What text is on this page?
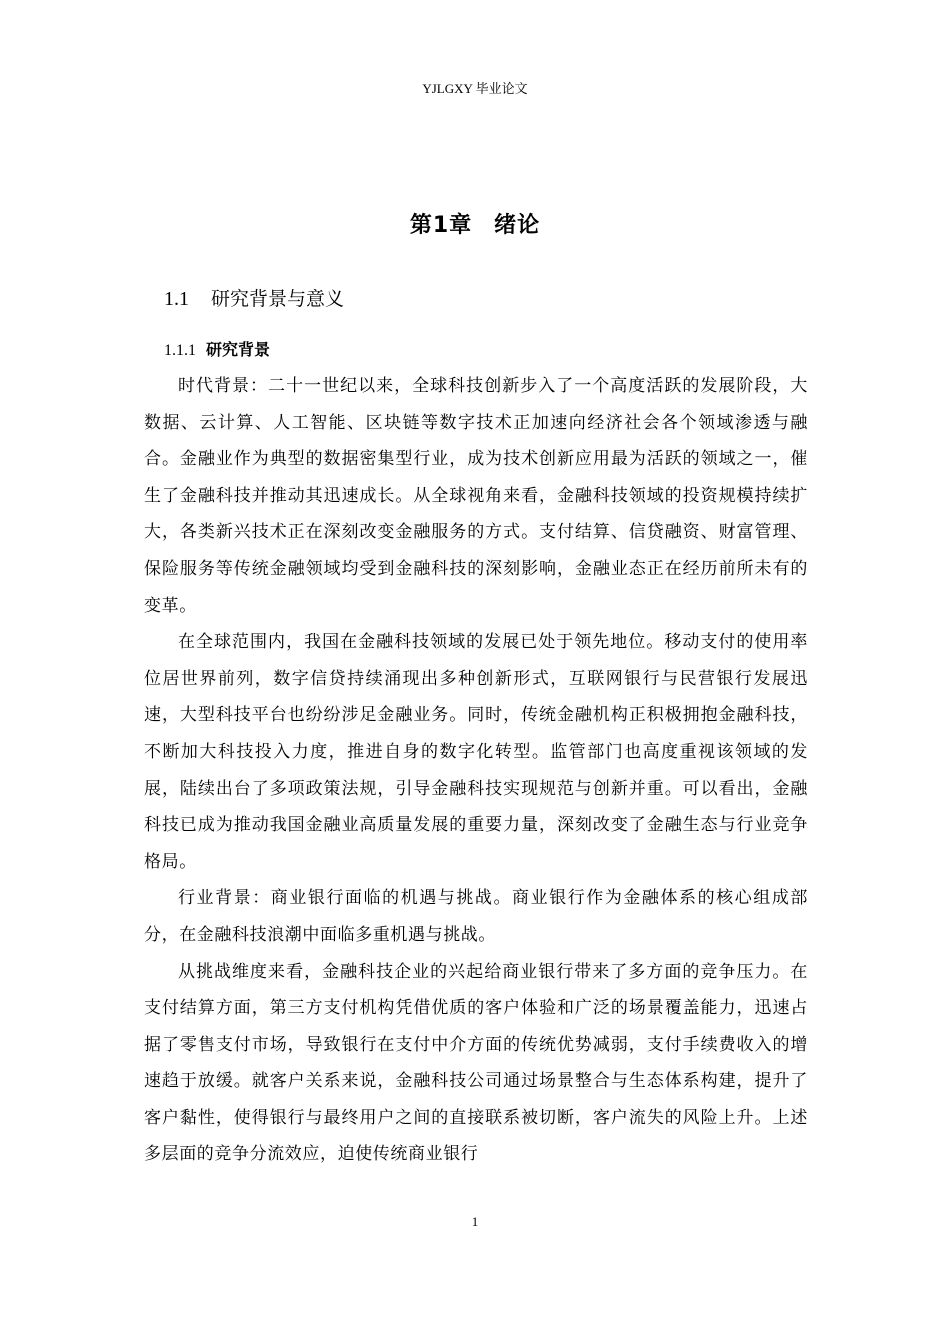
YJLGXY 毕业论文
第1章 绪论
1.1 研究背景与意义
1.1.1 研究背景

时代背景：二十一世纪以来，全球科技创新步入了一个高度活跃的发展阶段，大数据、云计算、人工智能、区块链等数字技术正加速向经济社会各个领域渗透与融合。金融业作为典型的数据密集型行业，成为技术创新应用最为活跃的领域之一，催生了金融科技并推动其迅速成长。从全球视角来看，金融科技领域的投资规模持续扩大，各类新兴技术正在深刻改变金融服务的方式。支付结算、信贷融资、财富管理、保险服务等传统金融领域均受到金融科技的深刻影响，金融业态正在经历前所未有的变革。

在全球范围内，我国在金融科技领域的发展已处于领先地位。移动支付的使用率位居世界前列，数字信贷持续涌现出多种创新形式，互联网银行与民营银行发展迅速，大型科技平台也纷纷涉足金融业务。同时，传统金融机构正积极拥抱金融科技，不断加大科技投入力度，推进自身的数字化转型。监管部门也高度重视该领域的发展，陆续出台了多项政策法规，引导金融科技实现规范与创新并重。可以看出，金融科技已成为推动我国金融业高质量发展的重要力量，深刻改变了金融生态与行业竞争格局。

行业背景：商业银行面临的机遇与挑战。商业银行作为金融体系的核心组成部分，在金融科技浪潮中面临多重机遇与挑战。

从挑战维度来看，金融科技企业的兴起给商业银行带来了多方面的竞争压力。在支付结算方面，第三方支付机构凭借优质的客户体验和广泛的场景覆盖能力，迅速占据了零售支付市场，导致银行在支付中介方面的传统优势减弱，支付手续费收入的增速趋于放缓。就客户关系来说，金融科技公司通过场景整合与生态体系构建，提升了客户黏性，使得银行与最终用户之间的直接联系被切断，客户流失的风险上升。上述多层面的竞争分流效应，迫使传统商业银行

1
